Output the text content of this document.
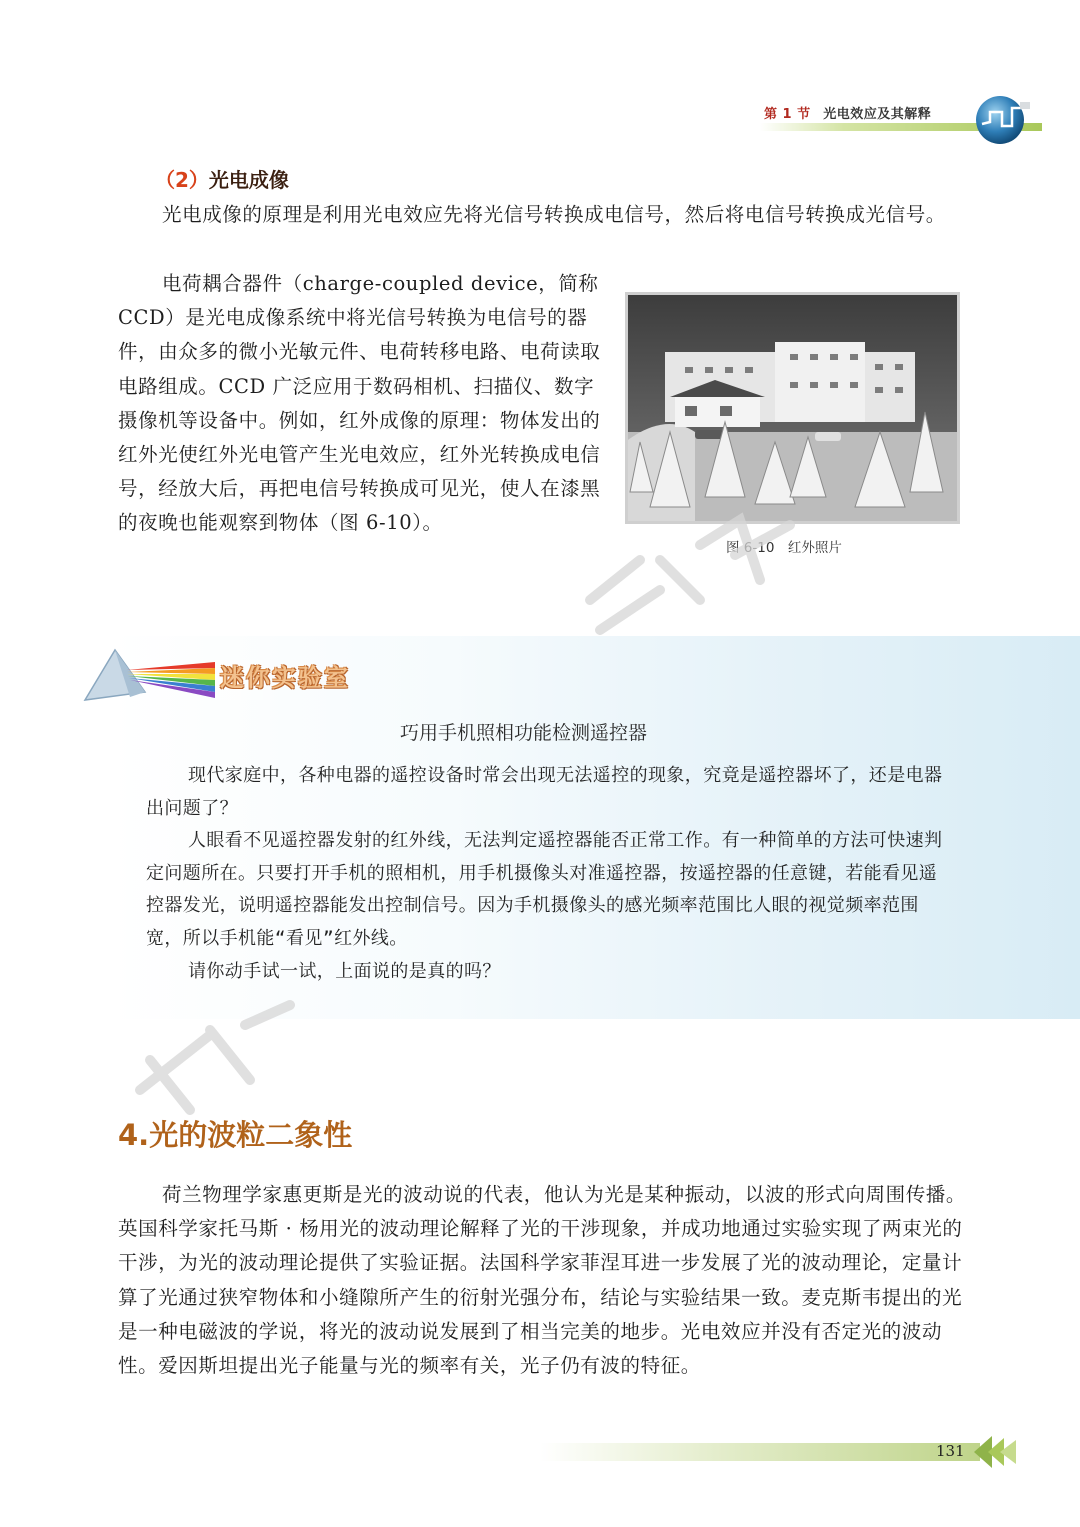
第 1 节 光电效应及其解释
（2）光电成像
光电成像的原理是利用光电效应先将光信号转换成电信号，然后将电信号转换成光信号。
电荷耦合器件（charge-coupled device，简称CCD）是光电成像系统中将光信号转换为电信号的器件，由众多的微小光敏元件、电荷转移电路、电荷读取电路组成。CCD 广泛应用于数码相机、扫描仪、数字摄像机等设备中。例如，红外成像的原理：物体发出的红外光使红外光电管产生光电效应，红外光转换成电信号，经放大后，再把电信号转换成可见光，使人在漆黑的夜晚也能观察到物体（图 6-10）。
图 6-10　红外照片
迷你实验室
巧用手机照相功能检测遥控器

现代家庭中，各种电器的遥控设备时常会出现无法遥控的现象，究竟是遥控器坏了，还是电器出问题了？

人眼看不见遥控器发射的红外线，无法判定遥控器能否正常工作。有一种简单的方法可快速判定问题所在。只要打开手机的照相机，用手机摄像头对准遥控器，按遥控器的任意键，若能看见遥控器发光，说明遥控器能发出控制信号。因为手机摄像头的感光频率范围比人眼的视觉频率范围宽，所以手机能“看见”红外线。

请你动手试一试，上面说的是真的吗？

4.光的波粒二象性
荷兰物理学家惠更斯是光的波动说的代表，他认为光是某种振动，以波的形式向周围传播。英国科学家托马斯 · 杨用光的波动理论解释了光的干涉现象，并成功地通过实验实现了两束光的干涉，为光的波动理论提供了实验证据。法国科学家菲涅耳进一步发展了光的波动理论，定量计算了光通过狭窄物体和小缝隙所产生的衍射光强分布，结论与实验结果一致。麦克斯韦提出的光是一种电磁波的学说，将光的波动说发展到了相当完美的地步。光电效应并没有否定光的波动性。爱因斯坦提出光子能量与光的频率有关，光子仍有波的特征。
131
